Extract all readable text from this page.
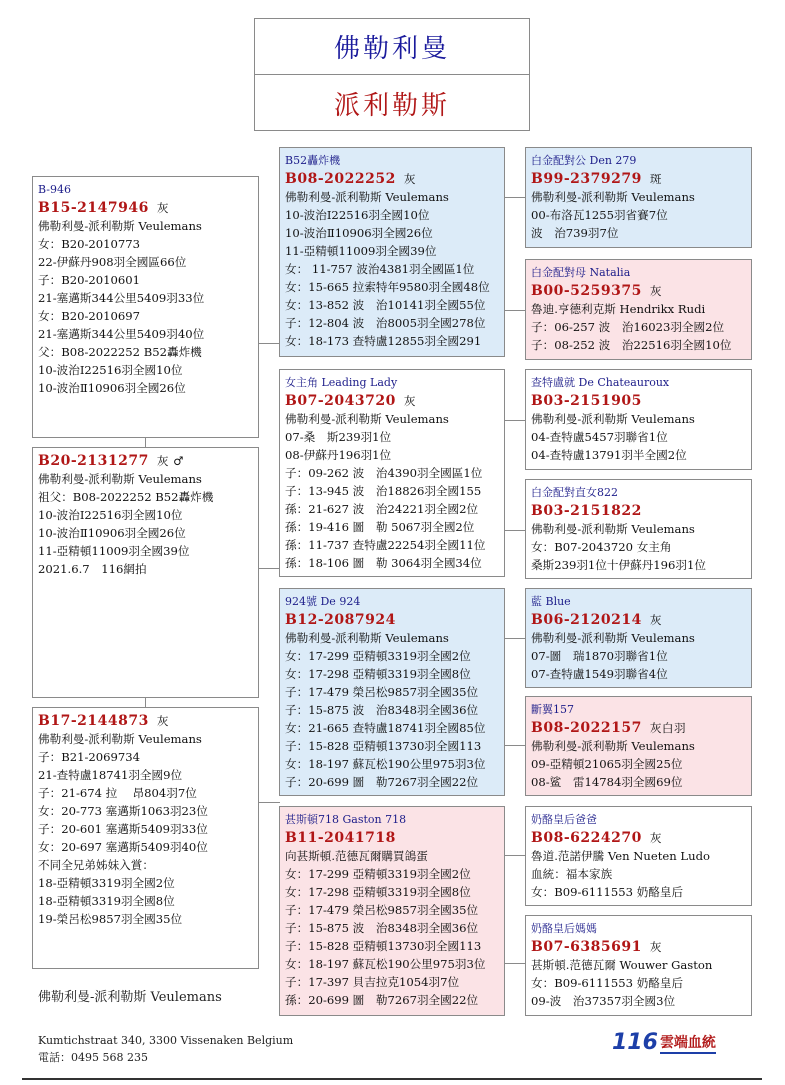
佛勒利曼
派利勒斯
B-946
B15-2147946 灰
佛勒利曼-派利勒斯 Veulemans
女：B20-2010773
22-伊蘇丹908羽全國區66位
子：B20-2010601
21-塞邁斯344公里5409羽33位
女：B20-2010697
21-塞邁斯344公里5409羽40位
父：B08-2022252 B52轟炸機
10-波治Ⅰ22516羽全國10位
10-波治Ⅱ10906羽全國26位
B20-2131277 灰 ♂
佛勒利曼-派利勒斯 Veulemans
祖父：B08-2022252 B52轟炸機
10-波治Ⅰ22516羽全國10位
10-波治Ⅱ10906羽全國26位
11-亞精頓11009羽全國39位
2021.6.7　116網拍
B17-2144873 灰
佛勒利曼-派利勒斯 Veulemans
子：B21-2069734
21-查特盧18741羽全國9位
子：21-674 拉　 昂804羽7位
女：20-773 塞邁斯1063羽23位
子：20-601 塞邁斯5409羽33位
女：20-697 塞邁斯5409羽40位
不同全兄弟姊妹入賞：
18-亞精頓3319羽全國2位
18-亞精頓3319羽全國8位
19-榮呂松9857羽全國35位
B52轟炸機
B08-2022252 灰
佛勒利曼-派利勒斯 Veulemans
10-波治Ⅰ22516羽全國10位
10-波治Ⅱ10906羽全國26位
11-亞精頓11009羽全國39位
女： 11-757 波治4381羽全國區1位
女：15-665 拉索特年9580羽全國48位
女：13-852 波　治10141羽全國55位
子：12-804 波　治8005羽全國278位
女：18-173 查特盧12855羽全國291
女主角 Leading Lady
B07-2043720 灰
佛勒利曼-派利勒斯 Veulemans
07-桑　斯239羽1位
08-伊蘇丹196羽1位
子：09-262 波　治4390羽全國區1位
子：13-945 波　治18826羽全國155
孫：21-627 波　治24221羽全國2位
孫：19-416 圖　勒 5067羽全國2位
孫：11-737 查特盧22254羽全國11位
孫：18-106 圖　勒 3064羽全國34位
924號 De 924
B12-2087924
佛勒利曼-派利勒斯 Veulemans
女：17-299 亞精頓3319羽全國2位
女：17-298 亞精頓3319羽全國8位
子：17-479 榮呂松9857羽全國35位
子：15-875 波　治8348羽全國36位
女：21-665 查特盧18741羽全國85位
子：15-828 亞精頓13730羽全國113
女：18-197 蘇瓦松190公里975羽3位
子：20-699 圖　勒7267羽全國22位
甚斯頓718 Gaston 718
B11-2041718
向甚斯頓.范德瓦爾購買鴿蛋
女：17-299 亞精頓3319羽全國2位
女：17-298 亞精頓3319羽全國8位
子：17-479 榮呂松9857羽全國35位
子：15-875 波　治8348羽全國36位
子：15-828 亞精頓13730羽全國113
女：18-197 蘇瓦松190公里975羽3位
子：17-397 貝吉拉克1054羽7位
孫：20-699 圖　勒7267羽全國22位
白金配對公 Den 279
B99-2379279 斑
佛勒利曼-派利勒斯 Veulemans
00-布洛瓦1255羽省賽7位
波　治739羽7位
白金配對母 Natalia
B00-5259375 灰
魯迪.亨德利克斯 Hendrikx Rudi
子：06-257 波　治16023羽全國2位
子：08-252 波　治22516羽全國10位
查特盧就 De Chateauroux
B03-2151905
佛勒利曼-派利勒斯 Veulemans
04-查特盧5457羽聯省1位
04-查特盧13791羽半全國2位
白金配對直女822
B03-2151822
佛勒利曼-派利勒斯 Veulemans
女：B07-2043720 女主角
桑斯239羽1位十伊蘇丹196羽1位
藍 Blue
B06-2120214 灰
佛勒利曼-派利勒斯 Veulemans
07-圖　瑞1870羽聯省1位
07-查特盧1549羽聯省4位
斷翼157
B08-2022157 灰白羽
佛勒利曼-派利勒斯 Veulemans
09-亞精頓21065羽全國25位
08-鲨　雷14784羽全國69位
奶酪皇后爸爸
B08-6224270 灰
魯道.范諾伊騰 Ven Nueten Ludo
血統：福本家族
女：B09-6111553 奶酪皇后
奶酪皇后媽媽
B07-6385691 灰
甚斯頓.范德瓦爾 Wouwer Gaston
女：B09-6111553 奶酪皇后
09-波　治37357羽全國3位
佛勒利曼-派利勒斯 Veulemans
Kumtichstraat 340, 3300 Vissenaken Belgium
電話：0495 568 235
116 雲端血統
